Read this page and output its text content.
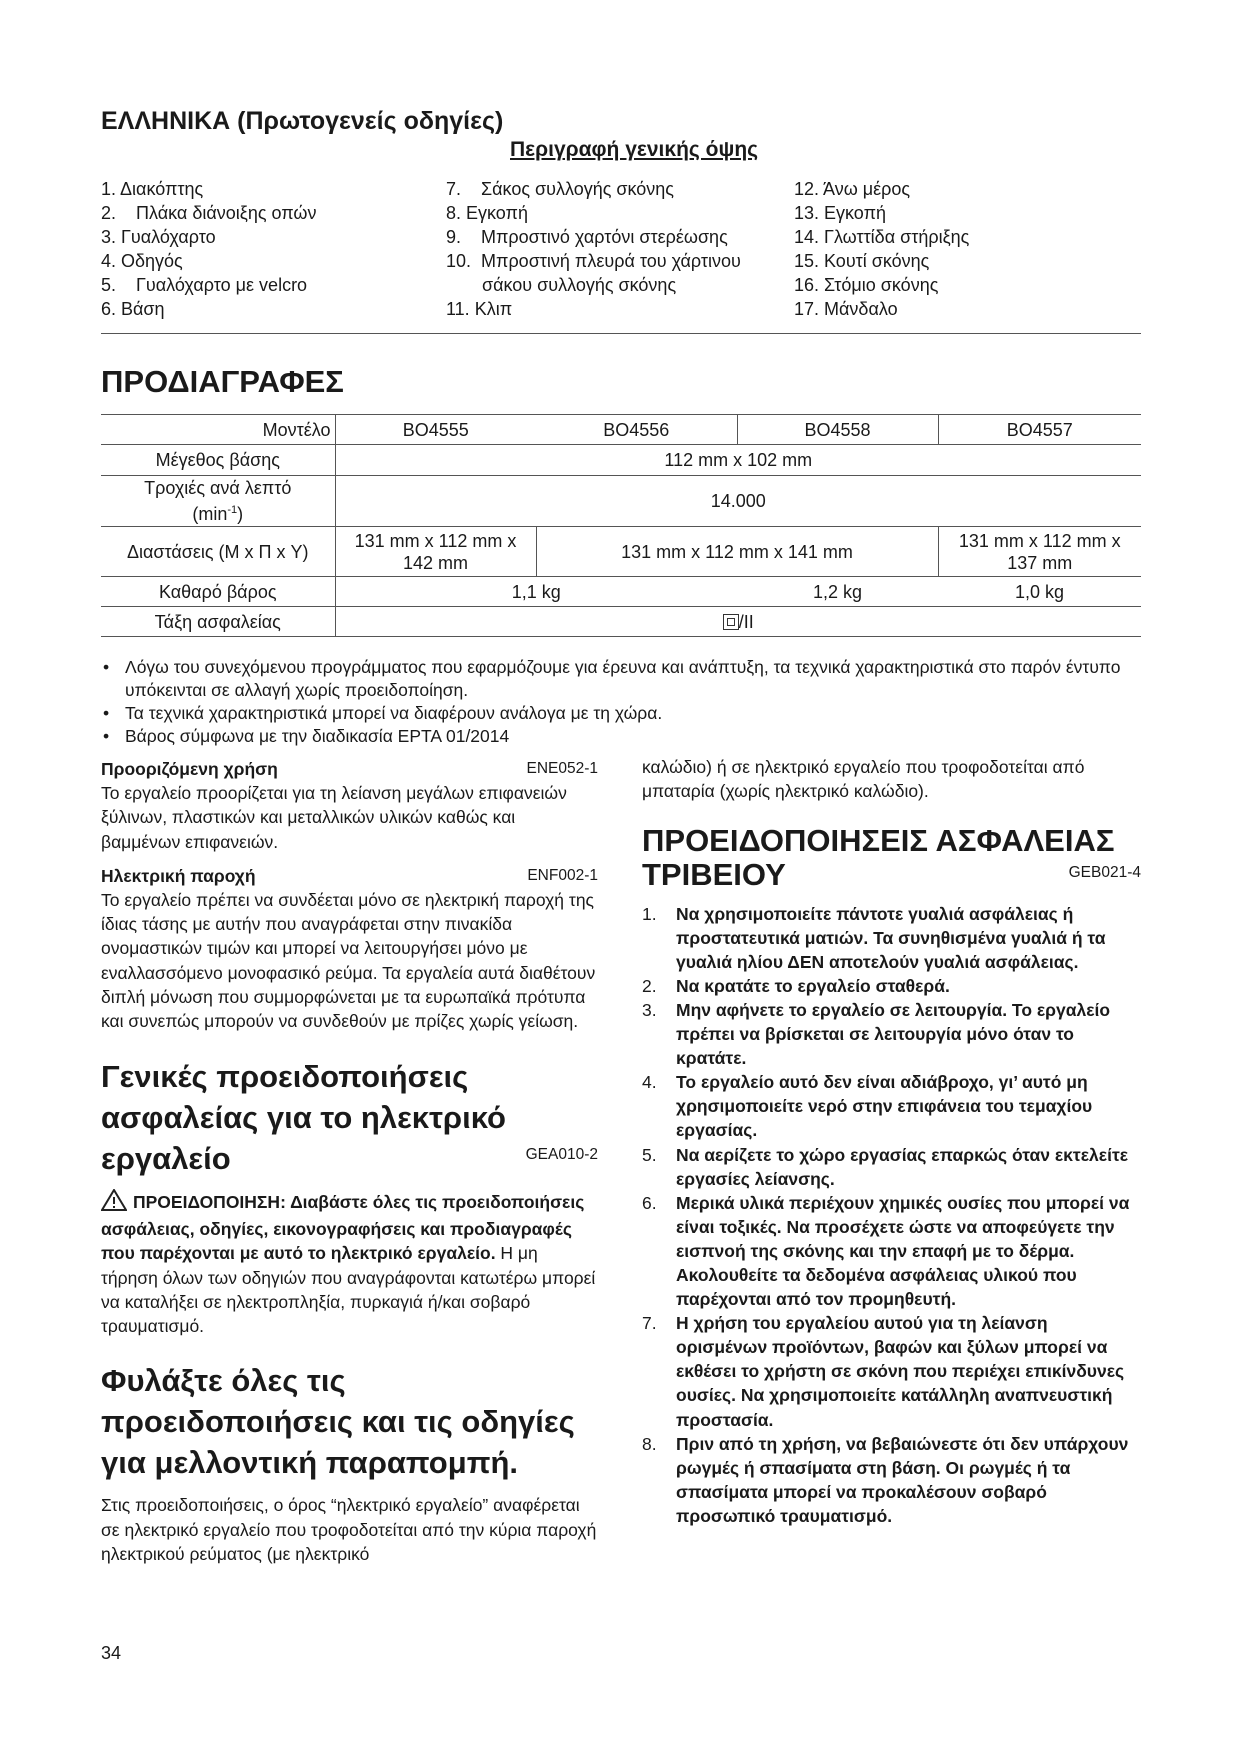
ΕΛΛΗΝΙΚΑ (Πρωτογενείς οδηγίες)
Περιγραφή γενικής όψης
1. Διακόπτης
2.    Πλάκα διάνοιξης οπών
3. Γυαλόχαρτο
4. Οδηγός
5.    Γυαλόχαρτο με velcro
6. Βάση
7.    Σάκος συλλογής σκόνης
8. Εγκοπή
9.    Μπροστινό χαρτόνι στερέωσης
10.  Μπροστινή πλευρά του χάρτινου
σάκου συλλογής σκόνης
11. Κλιπ
12. Άνω μέρος
13. Εγκοπή
14. Γλωττίδα στήριξης
15. Κουτί σκόνης
16. Στόμιο σκόνης
17. Μάνδαλο
ΠΡΟΔΙΑΓΡΑΦΕΣ
Μοντέλο	BO4555	BO4556	BO4558	BO4557
Μέγεθος βάσης	112 mm x 102 mm			

Τροχιές ανά λεπτό
$(\min^{-1})$	14.000			
Διαστάσεις (Μ x Π x Υ)	131 mm x 112 mm x 142 mm	131 mm x 112 mm x 141 mm		131 mm x 112 mm x 137 mm
Καθαρό βάρος	1,1 kg		1,2 kg	1,0 kg
Τάξη ασφαλείας	/II			
• Λόγω του συνεχόμενου προγράμματος που εφαρμόζουμε για έρευνα και ανάπτυξη, τα τεχνικά χαρακτηριστικά στο παρόν έντυπο υπόκεινται σε αλλαγή χωρίς προειδοποίηση.
• Τα τεχνικά χαρακτηριστικά μπορεί να διαφέρουν ανάλογα με τη χώρα.
• Βάρος σύμφωνα με την διαδικασία EPTA 01/2014
Προοριζόμενη χρήση	ENE052-1

Το εργαλείο προορίζεται για τη λείανση μεγάλων επιφανειών ξύλινων, πλαστικών και μεταλλικών υλικών καθώς και βαμμένων επιφανειών.

Ηλεκτρική παροχή	ENF002-1

Το εργαλείο πρέπει να συνδέεται μόνο σε ηλεκτρική παροχή της ίδιας τάσης με αυτήν που αναγράφεται στην πινακίδα ονομαστικών τιμών και μπορεί να λειτουργήσει μόνο με εναλλασσόμενο μονοφασικό ρεύμα. Τα εργαλεία αυτά διαθέτουν διπλή μόνωση που συμμορφώνεται με τα ευρωπαϊκά πρότυπα και συνεπώς μπορούν να συνδεθούν με πρίζες χωρίς γείωση.

Γενικές προειδοποιήσεις ασφαλείας για το ηλεκτρικό εργαλείο	GEA010-2
ΠΡΟΕΙΔΟΠΟΙΗΣΗ: Διαβάστε όλες τις προειδοποιήσεις ασφάλειας, οδηγίες, εικονογραφήσεις και προδιαγραφές που παρέχονται με αυτό το ηλεκτρικό εργαλείο. Η μη τήρηση όλων των οδηγιών που αναγράφονται κατωτέρω μπορεί να καταλήξει σε ηλεκτροπληξία, πυρκαγιά ή/και σοβαρό τραυματισμό.
Φυλάξτε όλες τις προειδοποιήσεις και τις οδηγίες για μελλοντική παραπομπή.

Στις προειδοποιήσεις, ο όρος “ηλεκτρικό εργαλείο” αναφέρεται σε ηλεκτρικό εργαλείο που τροφοδοτείται από την κύρια παροχή ηλεκτρικού ρεύματος (με ηλεκτρικό

καλώδιο) ή σε ηλεκτρικό εργαλείο που τροφοδοτείται από μπαταρία (χωρίς ηλεκτρικό καλώδιο).

ΠΡΟΕΙΔΟΠΟΙΗΣΕΙΣ ΑΣΦΑΛΕΙΑΣ
ΤΡΙΒΕΙΟΥ	GEB021-4
1. Να χρησιμοποιείτε πάντοτε γυαλιά ασφάλειας ή προστατευτικά ματιών. Τα συνηθισμένα γυαλιά ή τα γυαλιά ηλίου ΔΕΝ αποτελούν γυαλιά ασφάλειας.
2. Να κρατάτε το εργαλείο σταθερά.
3. Μην αφήνετε το εργαλείο σε λειτουργία. Το εργαλείο πρέπει να βρίσκεται σε λειτουργία μόνο όταν το κρατάτε.
4. Το εργαλείο αυτό δεν είναι αδιάβροχο, γι’ αυτό μη χρησιμοποιείτε νερό στην επιφάνεια του τεμαχίου εργασίας.
5. Να αερίζετε το χώρο εργασίας επαρκώς όταν εκτελείτε εργασίες λείανσης.
6. Μερικά υλικά περιέχουν χημικές ουσίες που μπορεί να είναι τοξικές. Να προσέχετε ώστε να αποφεύγετε την εισπνοή της σκόνης και την επαφή με το δέρμα. Ακολουθείτε τα δεδομένα ασφάλειας υλικού που παρέχονται από τον προμηθευτή.
7. Η χρήση του εργαλείου αυτού για τη λείανση ορισμένων προϊόντων, βαφών και ξύλων μπορεί να εκθέσει το χρήστη σε σκόνη που περιέχει επικίνδυνες ουσίες. Να χρησιμοποιείτε κατάλληλη αναπνευστική προστασία.
8. Πριν από τη χρήση, να βεβαιώνεστε ότι δεν υπάρχουν ρωγμές ή σπασίματα στη βάση. Οι ρωγμές ή τα σπασίματα μπορεί να προκαλέσουν σοβαρό προσωπικό τραυματισμό.
34
